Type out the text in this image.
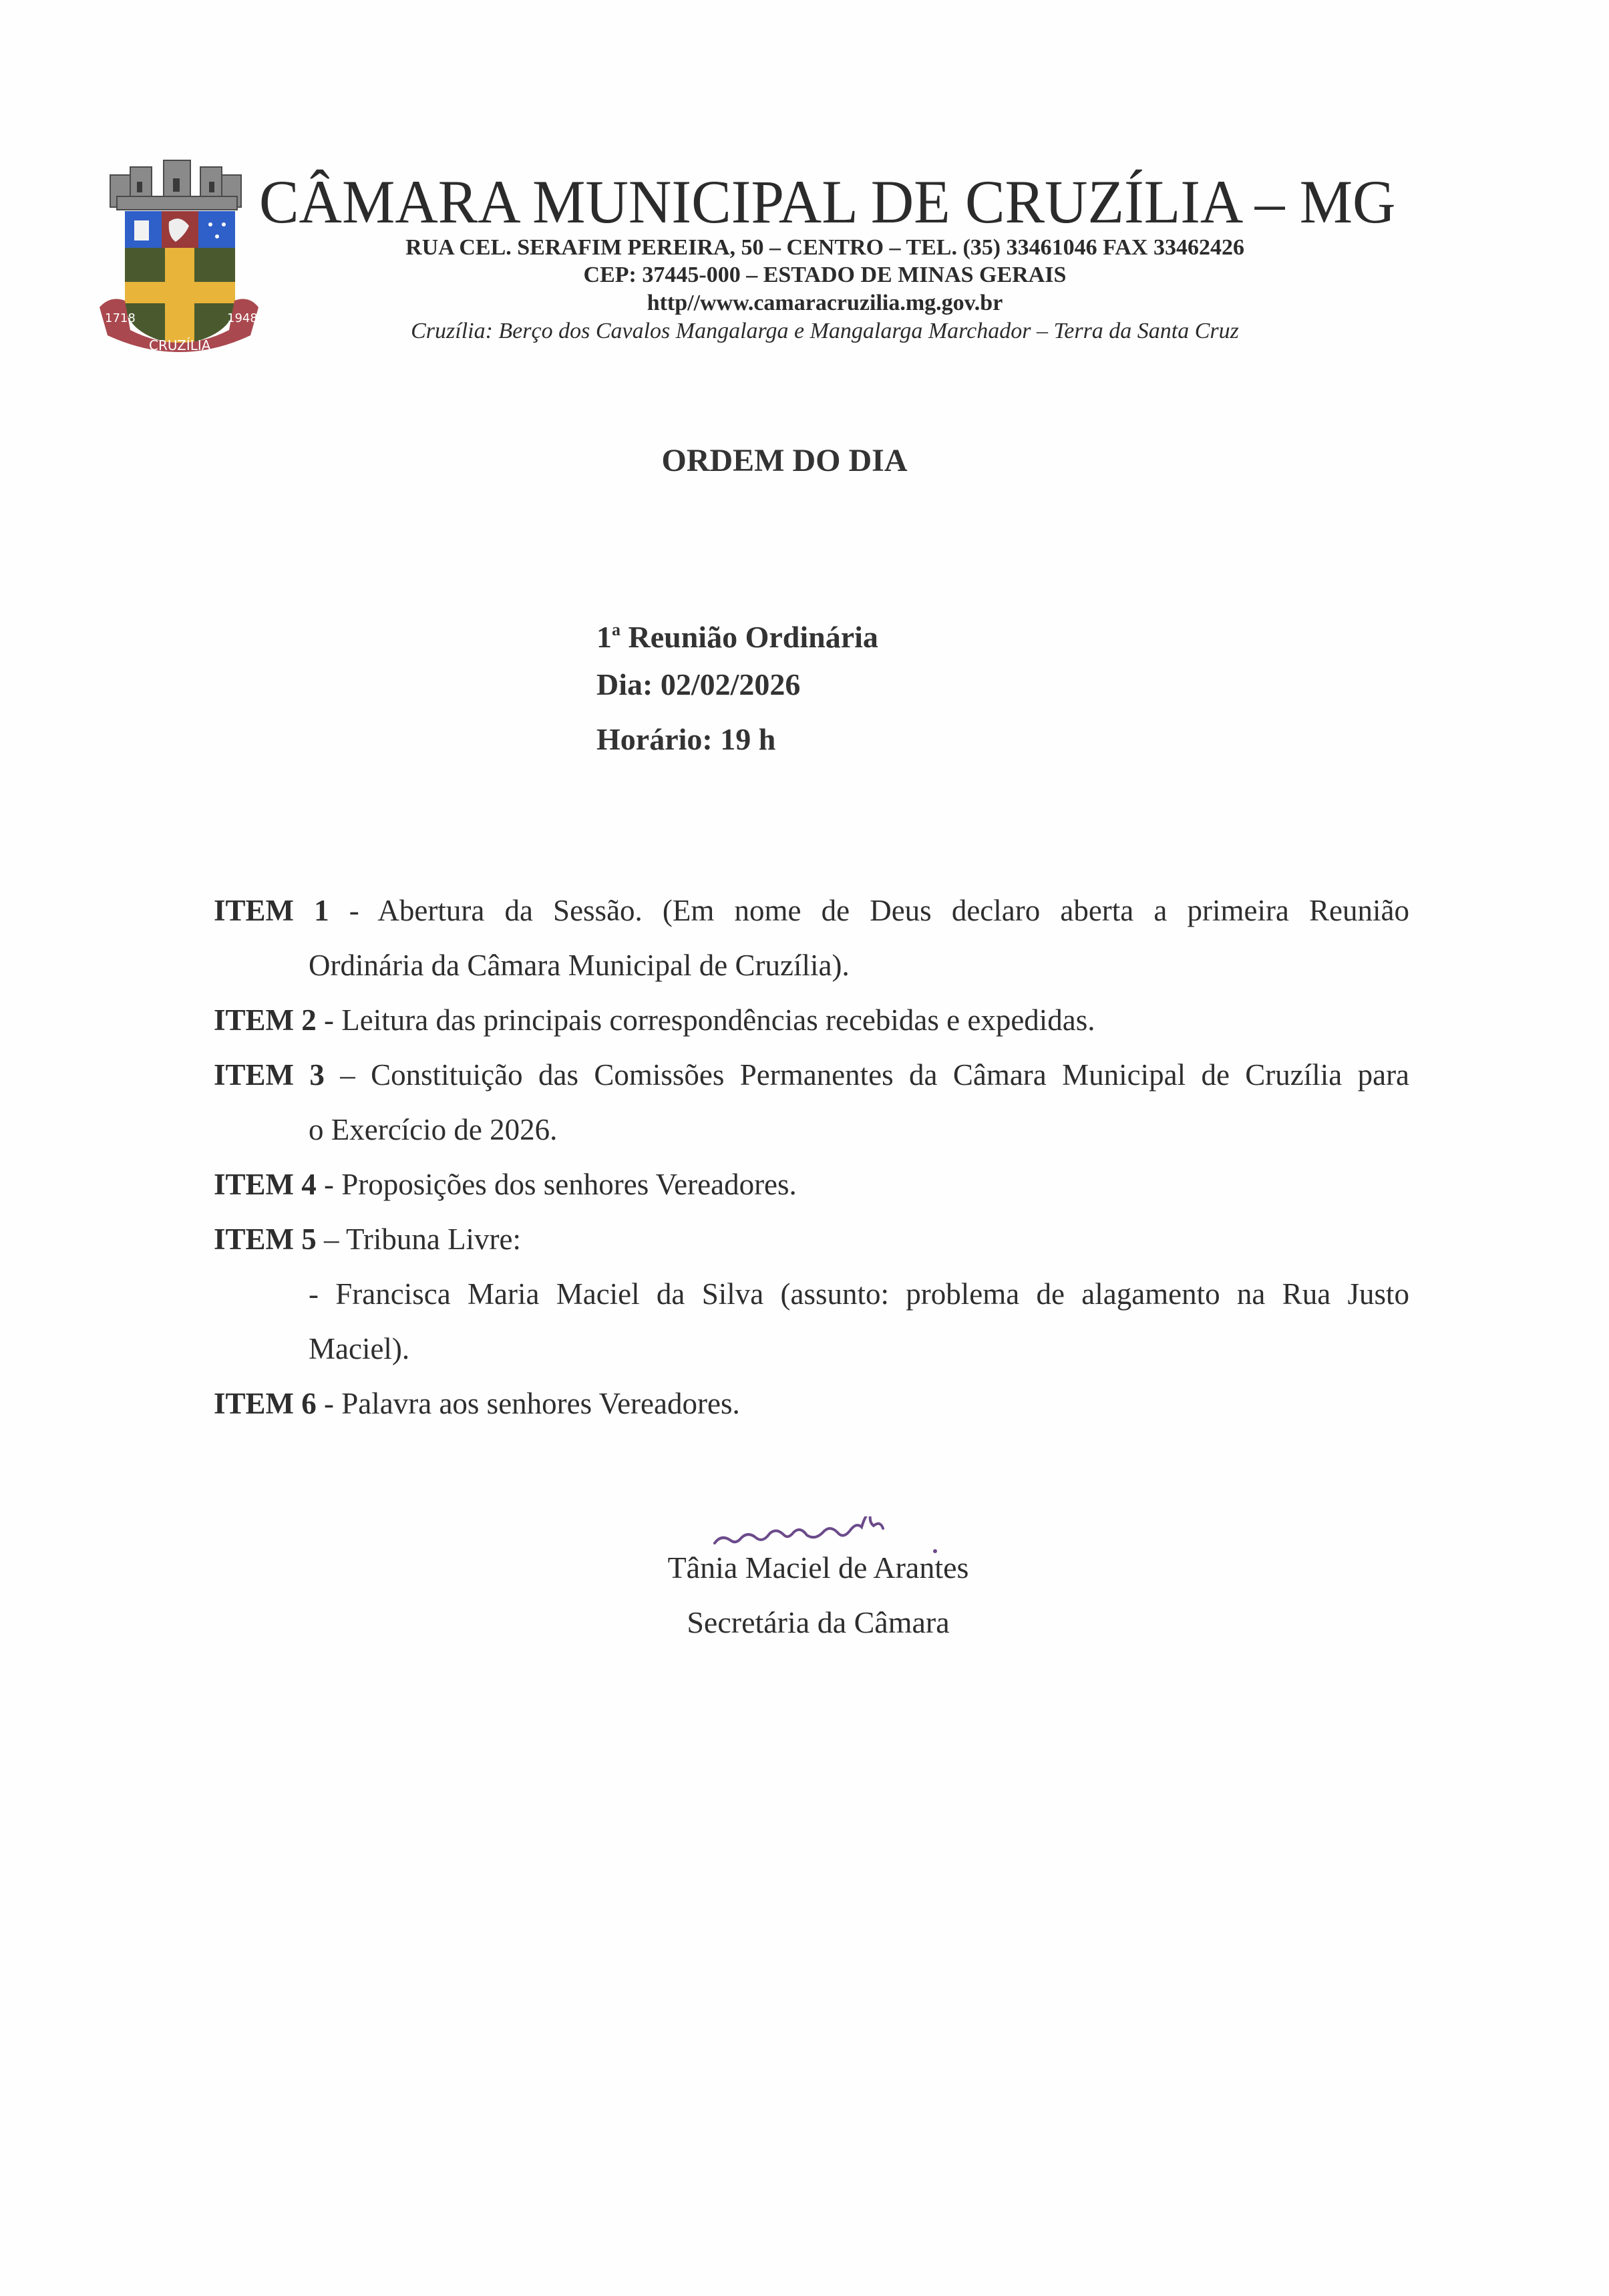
1718	1948
CRUZÍLIA
CÂMARA MUNICIPAL DE CRUZÍLIA – MG
RUA CEL. SERAFIM PEREIRA, 50 – CENTRO – TEL. (35) 33461046 FAX 33462426
CEP: 37445-000 – ESTADO DE MINAS GERAIS
http//www.camaracruzilia.mg.gov.br
Cruzília: Berço dos Cavalos Mangalarga e Mangalarga Marchador – Terra da Santa Cruz
ORDEM DO DIA
1$^a$ Reunião Ordinária
Dia: 02/02/2026
Horário: 19 h
ITEM 1 - Abertura da Sessão. (Em nome de Deus declaro aberta a primeira Reunião
Ordinária da Câmara Municipal de Cruzília).
ITEM 2 - Leitura das principais correspondências recebidas e expedidas.
ITEM 3 – Constituição das Comissões Permanentes da Câmara Municipal de Cruzília para
o Exercício de 2026.
ITEM 4 - Proposições dos senhores Vereadores.
ITEM 5 – Tribuna Livre:
- Francisca Maria Maciel da Silva (assunto: problema de alagamento na Rua Justo
Maciel).
ITEM 6 - Palavra aos senhores Vereadores.
Tânia Maciel de Arantes
Secretária da Câmara
